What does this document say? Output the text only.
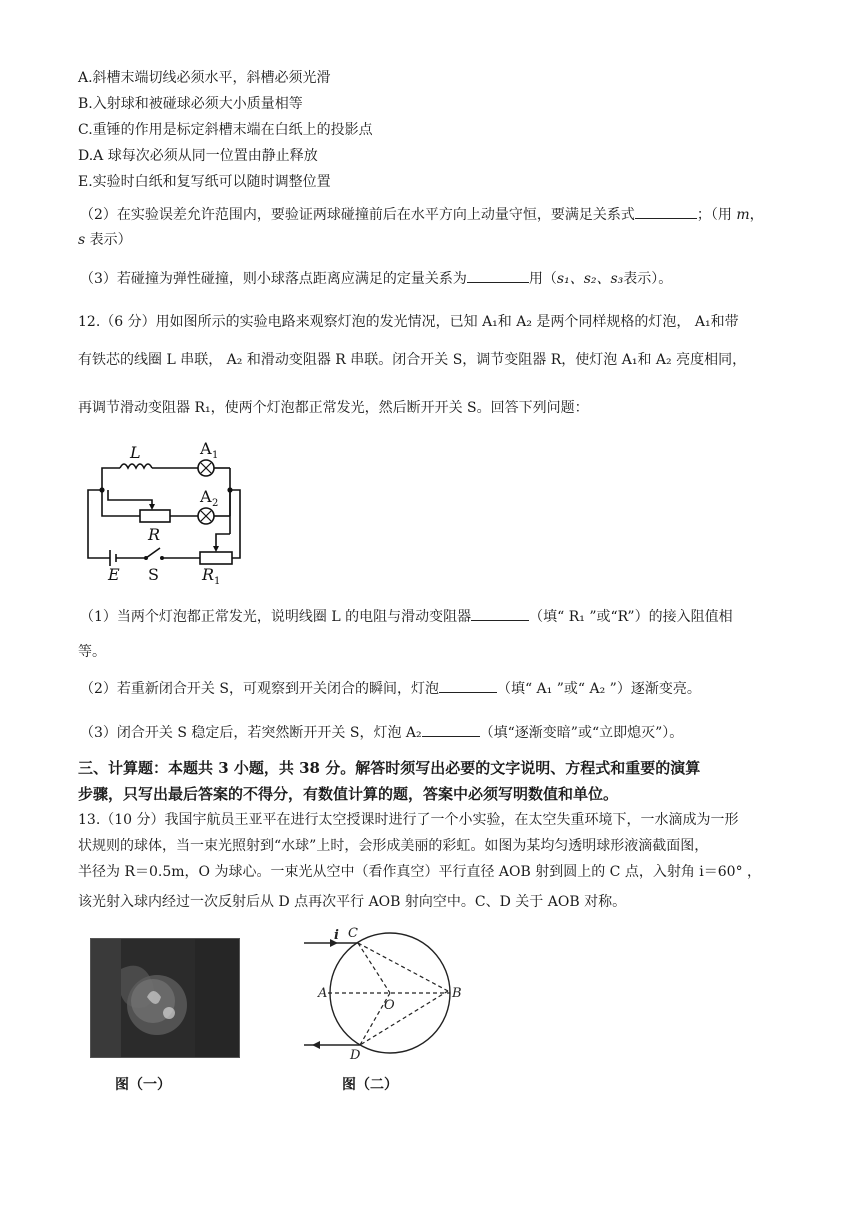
A.斜槽末端切线必须水平，斜槽必须光滑
B.入射球和被碰球必须大小质量相等
C.重锤的作用是标定斜槽末端在白纸上的投影点
D.A 球每次必须从同一位置由静止释放
E.实验时白纸和复写纸可以随时调整位置
（2）在实验误差允许范围内，要验证两球碰撞前后在水平方向上动量守恒，要满足关系式	；（用 m，
s 表示）
（3）若碰撞为弹性碰撞，则小球落点距离应满足的定量关系为	用（s₁、s₂、s₃表示）。
12.（6 分）用如图所示的实验电路来观察灯泡的发光情况，已知 A₁和 A₂ 是两个同样规格的灯泡， A₁和带
有铁芯的线圈 L 串联， A₂ 和滑动变阻器 R 串联。闭合开关 S，调节变阻器 R，使灯泡 A₁和 A₂ 亮度相同，
再调节滑动变阻器 R₁，使两个灯泡都正常发光，然后断开开关 S。回答下列问题：
L	A 1
A 2
R
E S	R 1
（1）当两个灯泡都正常发光，说明线圈 L 的电阻与滑动变阻器	（填“ R₁ ”或“R”）的接入阻值相
等。
（2）若重新闭合开关 S，可观察到开关闭合的瞬间，灯泡	（填“ A₁ ”或“ A₂ ”）逐渐变亮。
（3）闭合开关 S 稳定后，若突然断开开关 S，灯泡 A₂	（填“逐渐变暗”或“立即熄灭”）。
三、计算题：本题共 3 小题，共 38 分。解答时须写出必要的文字说明、方程式和重要的演算
步骤，只写出最后答案的不得分，有数值计算的题，答案中必须写明数值和单位。
13.（10 分）我国宇航员王亚平在进行太空授课时进行了一个小实验，在太空失重环境下，一水滴成为一形
状规则的球体，当一束光照射到“水球”上时，会形成美丽的彩虹。如图为某均匀透明球形液滴截面图，
半径为 R＝0.5m，O 为球心。一束光从空中（看作真空）平行直径 AOB 射到圆上的 C 点，入射角 i＝60° ，
该光射入球内经过一次反射后从 D 点再次平行 AOB 射向空中。C、D 关于 AOB 对称。
图（一）
C
i
A
O
B
D
图（二）
